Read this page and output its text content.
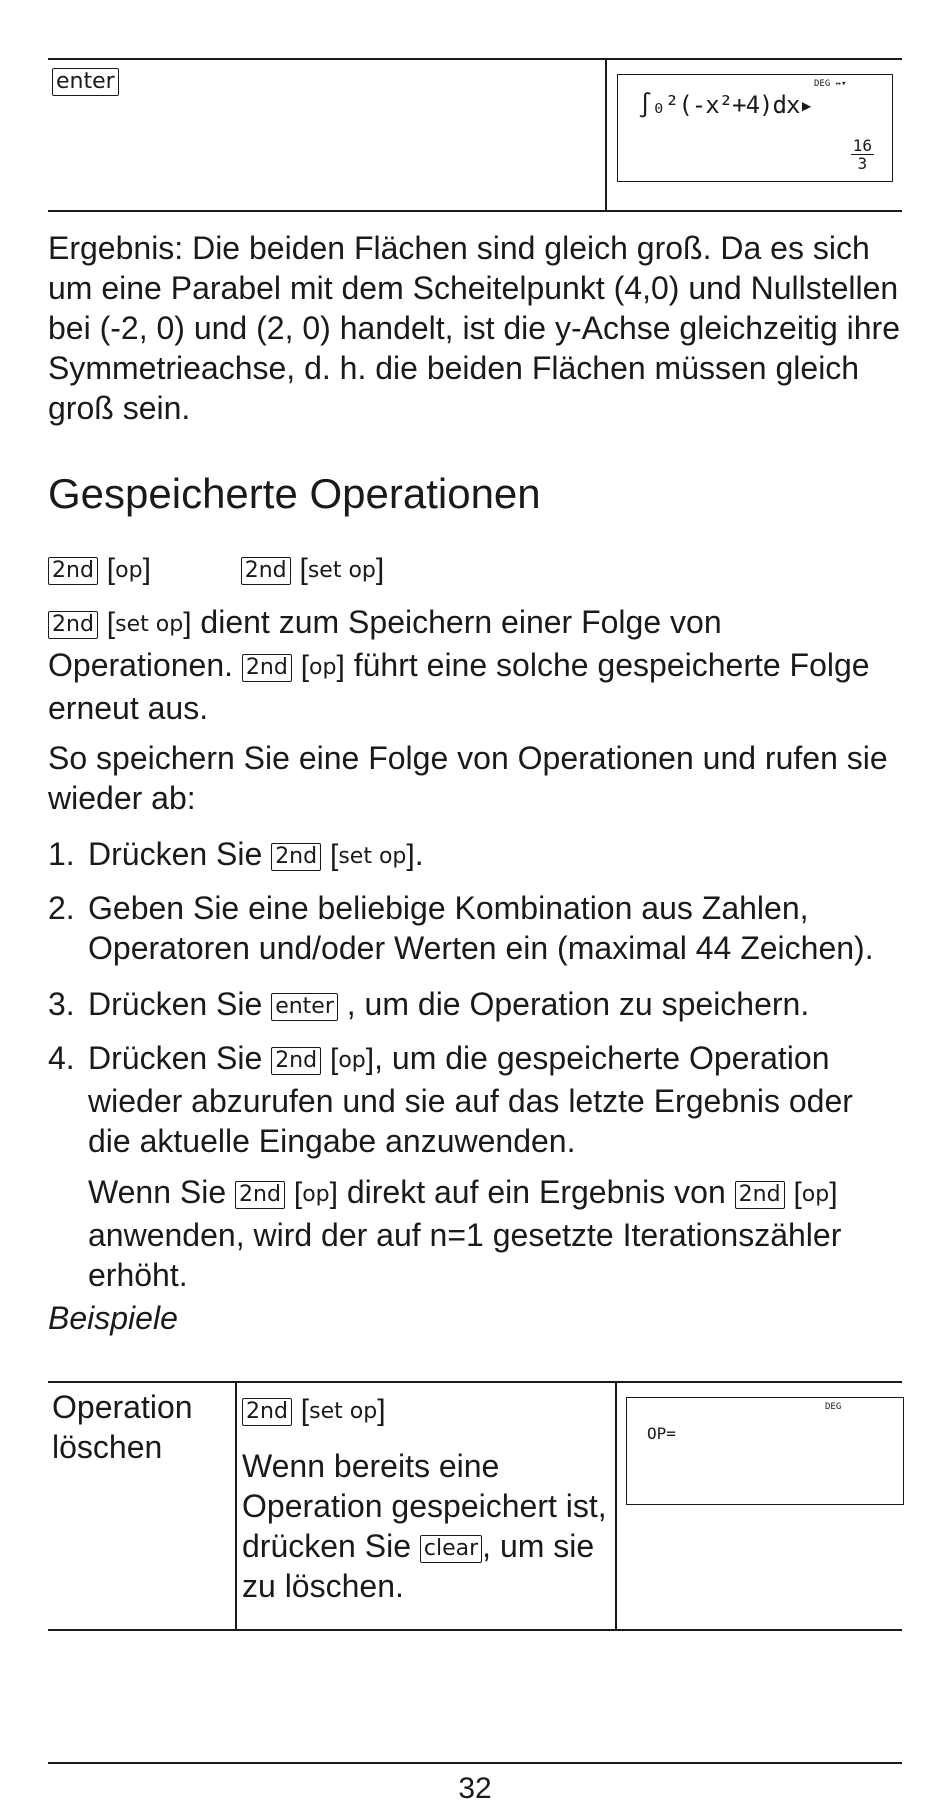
enter	DEG ↔▾
∫₀²(-x²+4)dx▸
$\frac{16}{3}$

Ergebnis: Die beiden Flächen sind gleich groß. Da es sich um eine Parabel mit dem Scheitelpunkt (4,0) und Nullstellen bei (-2, 0) und (2, 0) handelt, ist die y-Achse gleichzeitig ihre Symmetrieachse, d. h. die beiden Flächen müssen gleich groß sein.

Gespeicherte Operationen
2nd [op]	2nd [set op]

2nd [set op] dient zum Speichern einer Folge von Operationen. 2nd [op] führt eine solche gespeicherte Folge erneut aus.

So speichern Sie eine Folge von Operationen und rufen sie wieder ab:

1. Drücken Sie 2nd [set op].
2. Geben Sie eine beliebige Kombination aus Zahlen, Operatoren und/oder Werten ein (maximal 44 Zeichen).
3. Drücken Sie enter , um die Operation zu speichern.
4. Drücken Sie 2nd [op], um die gespeicherte Operation wieder abzurufen und sie auf das letzte Ergebnis oder die aktuelle Eingabe anzuwenden.
Wenn Sie 2nd [op] direkt auf ein Ergebnis von 2nd [op] anwenden, wird der auf n=1 gesetzte Iterationszähler erhöht.
Beispiele
Operation löschen
2nd [set op]
Wenn bereits eine Operation gespeichert ist, drücken Sie clear , um sie zu löschen.
DEG
OP=
32
